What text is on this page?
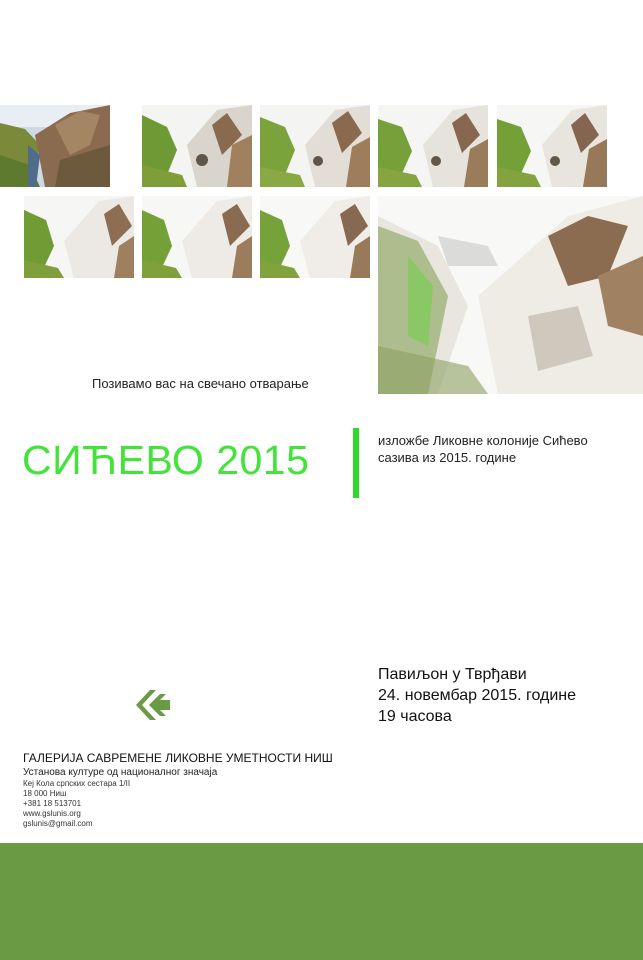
Позивамо вас на свечано отварање
СИЋЕВО 2015	изложбе Ликовне колоније Сићево
сазива из 2015. године
Павиљон у Тврђави
24. новембар 2015. године
19 часова
ГАЛЕРИЈА САВРЕМЕНЕ ЛИКОВНЕ УМЕТНОСТИ НИШ
Установа културе од националног значаја
Кеј Кола српских сестара 1/II
18 000 Ниш
+381 18 513701
www.gslunis.org
gslunis@gmail.com
